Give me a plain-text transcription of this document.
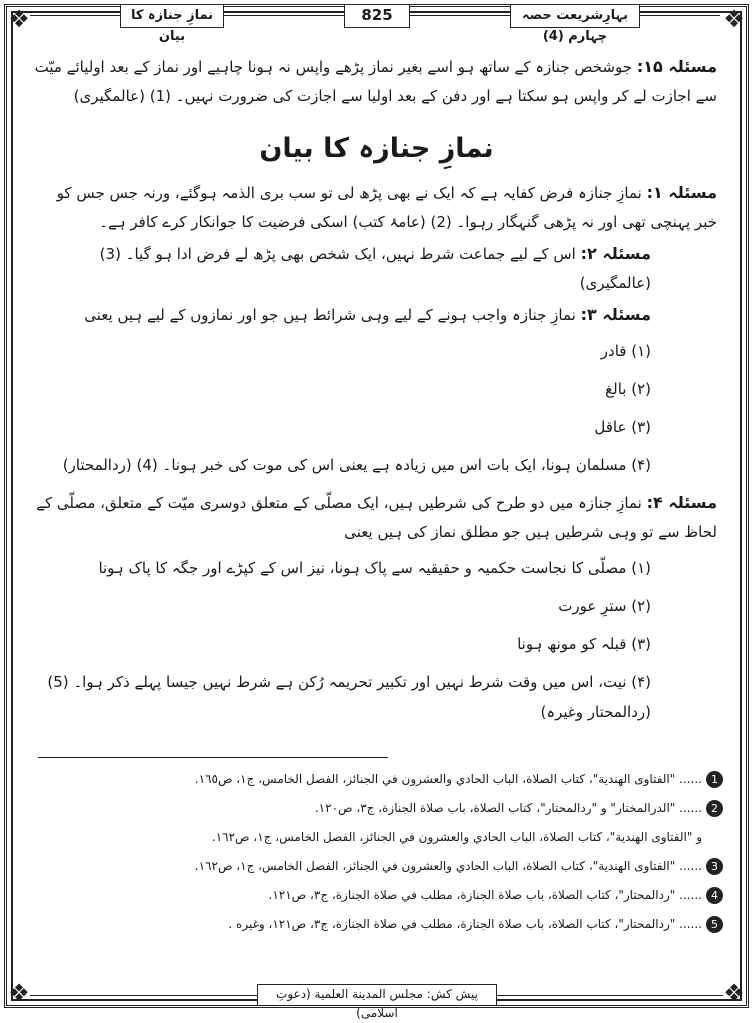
❖	❖
❖	❖
نمازِ جنازہ کا بیان
825	بہارِشریعت حصہ چہارم (4)

مسئلہ ۱۵: جوشخص جنازہ کے ساتھ ہو اسے بغیر نماز پڑھے واپس نہ ہونا چاہیے اور نماز کے بعد اولیائے میّت سے اجازت لے کر واپس ہو سکتا ہے اور دفن کے بعد اولیا سے اجازت کی ضرورت نہیں۔ (1) (عالمگیری)

نمازِ جنازہ کا بیان

مسئلہ ۱: نمازِ جنازہ فرض کفایہ ہے کہ ایک نے بھی پڑھ لی تو سب بری الذمہ ہوگئے، ورنہ جس جس کو خبر پہنچی تھی اور نہ پڑھی گنہگار رہوا۔ (2) (عامۂ کتب) اسکی فرضیت کا جوانکار کرے کافر ہے۔

مسئلہ ۲: اس کے لیے جماعت شرط نہیں، ایک شخص بھی پڑھ لے فرض ادا ہو گیا۔ (3) (عالمگیری)

مسئلہ ۳: نمازِ جنازہ واجب ہونے کے لیے وہی شرائط ہیں جو اور نمازوں کے لیے ہیں یعنی

(۱) قادر
(۲) بالغ
(۳) عاقل
(۴) مسلمان ہونا، ایک بات اس میں زیادہ ہے یعنی اس کی موت کی خبر ہونا۔ (4) (ردالمحتار)

مسئلہ ۴: نمازِ جنازہ میں دو طرح کی شرطیں ہیں، ایک مصلّی کے متعلق دوسری میّت کے متعلق، مصلّی کے لحاظ سے تو وہی شرطیں ہیں جو مطلق نماز کی ہیں یعنی

(۱) مصلّی کا نجاست حکمیہ و حقیقیہ سے پاک ہونا، نیز اس کے کپڑے اور جگہ کا پاک ہونا
(۲) سترِ عورت
(۳) قبلہ کو مونھ ہونا
(۴) نیت، اس میں وقت شرط نہیں اور تکبیر تحریمہ رُکن ہے شرط نہیں جیسا پہلے ذکر ہوا۔ (5) (ردالمحتار وغیرہ)
1
...... "الفتاوى الهندية"، كتاب الصلاة، الباب الحادي والعشرون في الجنائز، الفصل الخامس، ج١، ص١٦٥.
2
...... "الدرالمختار" و "ردالمحتار"، كتاب الصلاة، باب صلاة الجنازة، ج٣، ص١٢٠.
و "الفتاوى الهندية"، كتاب الصلاة، الباب الحادي والعشرون في الجنائز، الفصل الخامس، ج١، ص١٦٢.
3
...... "الفتاوى الهندية"، كتاب الصلاة، الباب الحادي والعشرون في الجنائز، الفصل الخامس، ج١، ص١٦٢.
4
...... "ردالمحتار"، كتاب الصلاة، باب صلاة الجنازة، مطلب في صلاة الجنازة، ج٣، ص١٢١.
5
...... "ردالمحتار"، كتاب الصلاة، باب صلاة الجنازة، مطلب في صلاة الجنازة، ج٣، ص١٢١، وغيره .
پیش کش: مجلس المدینة العلمیة (دعوتِ اسلامی)
